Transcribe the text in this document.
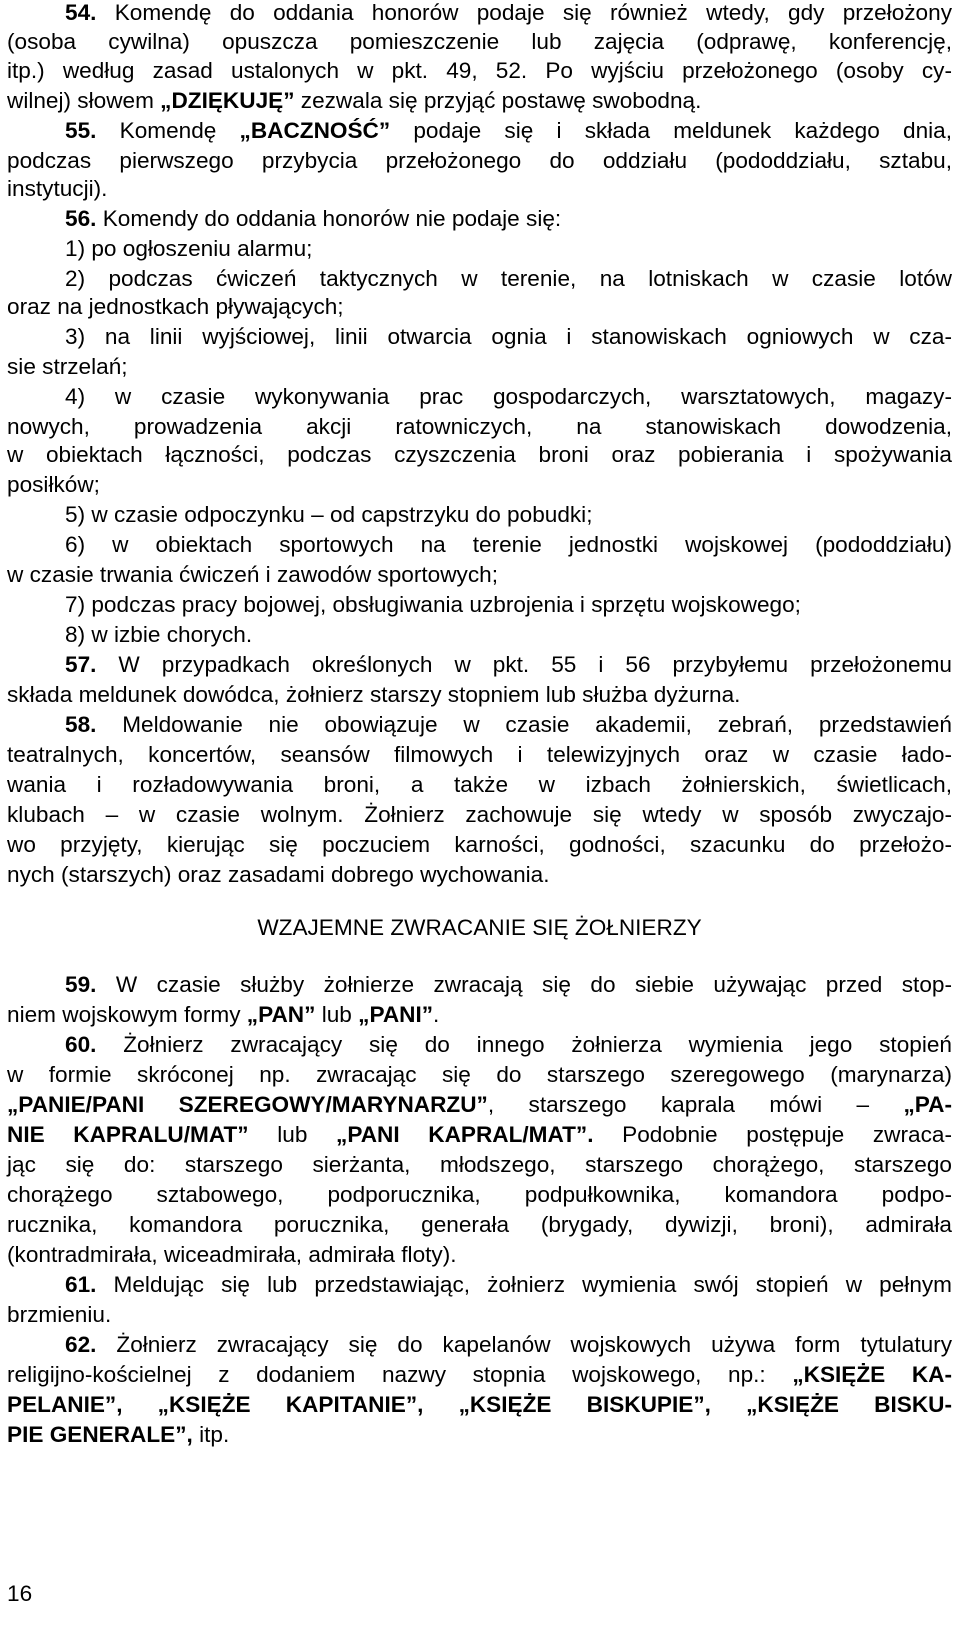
54. Komendę do oddania honorów podaje się również wtedy, gdy przełożony
(osoba cywilna) opuszcza pomieszczenie lub zajęcia (odprawę, konferencję,
itp.) według zasad ustalonych w pkt. 49, 52. Po wyjściu przełożonego (osoby cy-
wilnej) słowem „DZIĘKUJĘ” zezwala się przyjąć postawę swobodną.
55. Komendę „BACZNOŚĆ” podaje się i składa meldunek każdego dnia,
podczas pierwszego przybycia przełożonego do oddziału (pododdziału, sztabu,
instytucji).
56. Komendy do oddania honorów nie podaje się:
1) po ogłoszeniu alarmu;
2) podczas ćwiczeń taktycznych w terenie, na lotniskach w czasie lotów
oraz na jednostkach pływających;
3) na linii wyjściowej, linii otwarcia ognia i stanowiskach ogniowych w cza-
sie strzelań;
4) w czasie wykonywania prac gospodarczych, warsztatowych, magazy-
nowych, prowadzenia akcji ratowniczych, na stanowiskach dowodzenia,
w obiektach łączności, podczas czyszczenia broni oraz pobierania i spożywania
posiłków;
5) w czasie odpoczynku – od capstrzyku do pobudki;
6) w obiektach sportowych na terenie jednostki wojskowej (pododdziału)
w czasie trwania ćwiczeń i zawodów sportowych;
7) podczas pracy bojowej, obsługiwania uzbrojenia i sprzętu wojskowego;
8) w izbie chorych.
57. W przypadkach określonych w pkt. 55 i 56 przybyłemu przełożonemu
składa meldunek dowódca, żołnierz starszy stopniem lub służba dyżurna.
58. Meldowanie nie obowiązuje w czasie akademii, zebrań, przedstawień
teatralnych, koncertów, seansów filmowych i telewizyjnych oraz w czasie łado-
wania i rozładowywania broni, a także w izbach żołnierskich, świetlicach,
klubach – w czasie wolnym. Żołnierz zachowuje się wtedy w sposób zwyczajo-
wo przyjęty, kierując się poczuciem karności, godności, szacunku do przełożo-
nych (starszych) oraz zasadami dobrego wychowania.
59. W czasie służby żołnierze zwracają się do siebie używając przed stop-
niem wojskowym formy „PAN” lub „PANI”.
60. Żołnierz zwracający się do innego żołnierza wymienia jego stopień
w formie skróconej np. zwracając się do starszego szeregowego (marynarza)
„PANIE/PANI SZEREGOWY/MARYNARZU”, starszego kaprala mówi – „PA-
NIE KAPRALU/MAT” lub „PANI KAPRAL/MAT”. Podobnie postępuje zwraca-
jąc się do: starszego sierżanta, młodszego, starszego chorążego, starszego
chorążego sztabowego, podporucznika, podpułkownika, komandora podpo-
rucznika, komandora porucznika, generała (brygady, dywizji, broni), admirała
(kontradmirała, wiceadmirała, admirała floty).
61. Meldując się lub przedstawiając, żołnierz wymienia swój stopień w pełnym
brzmieniu.
62. Żołnierz zwracający się do kapelanów wojskowych używa form tytulatury
religijno-kościelnej z dodaniem nazwy stopnia wojskowego, np.: „KSIĘŻE KA-
PELANIE”, „KSIĘŻE KAPITANIE”, „KSIĘŻE BISKUPIE”, „KSIĘŻE BISKU-
PIE GENERALE”, itp.
WZAJEMNE ZWRACANIE SIĘ ŻOŁNIERZY
16
